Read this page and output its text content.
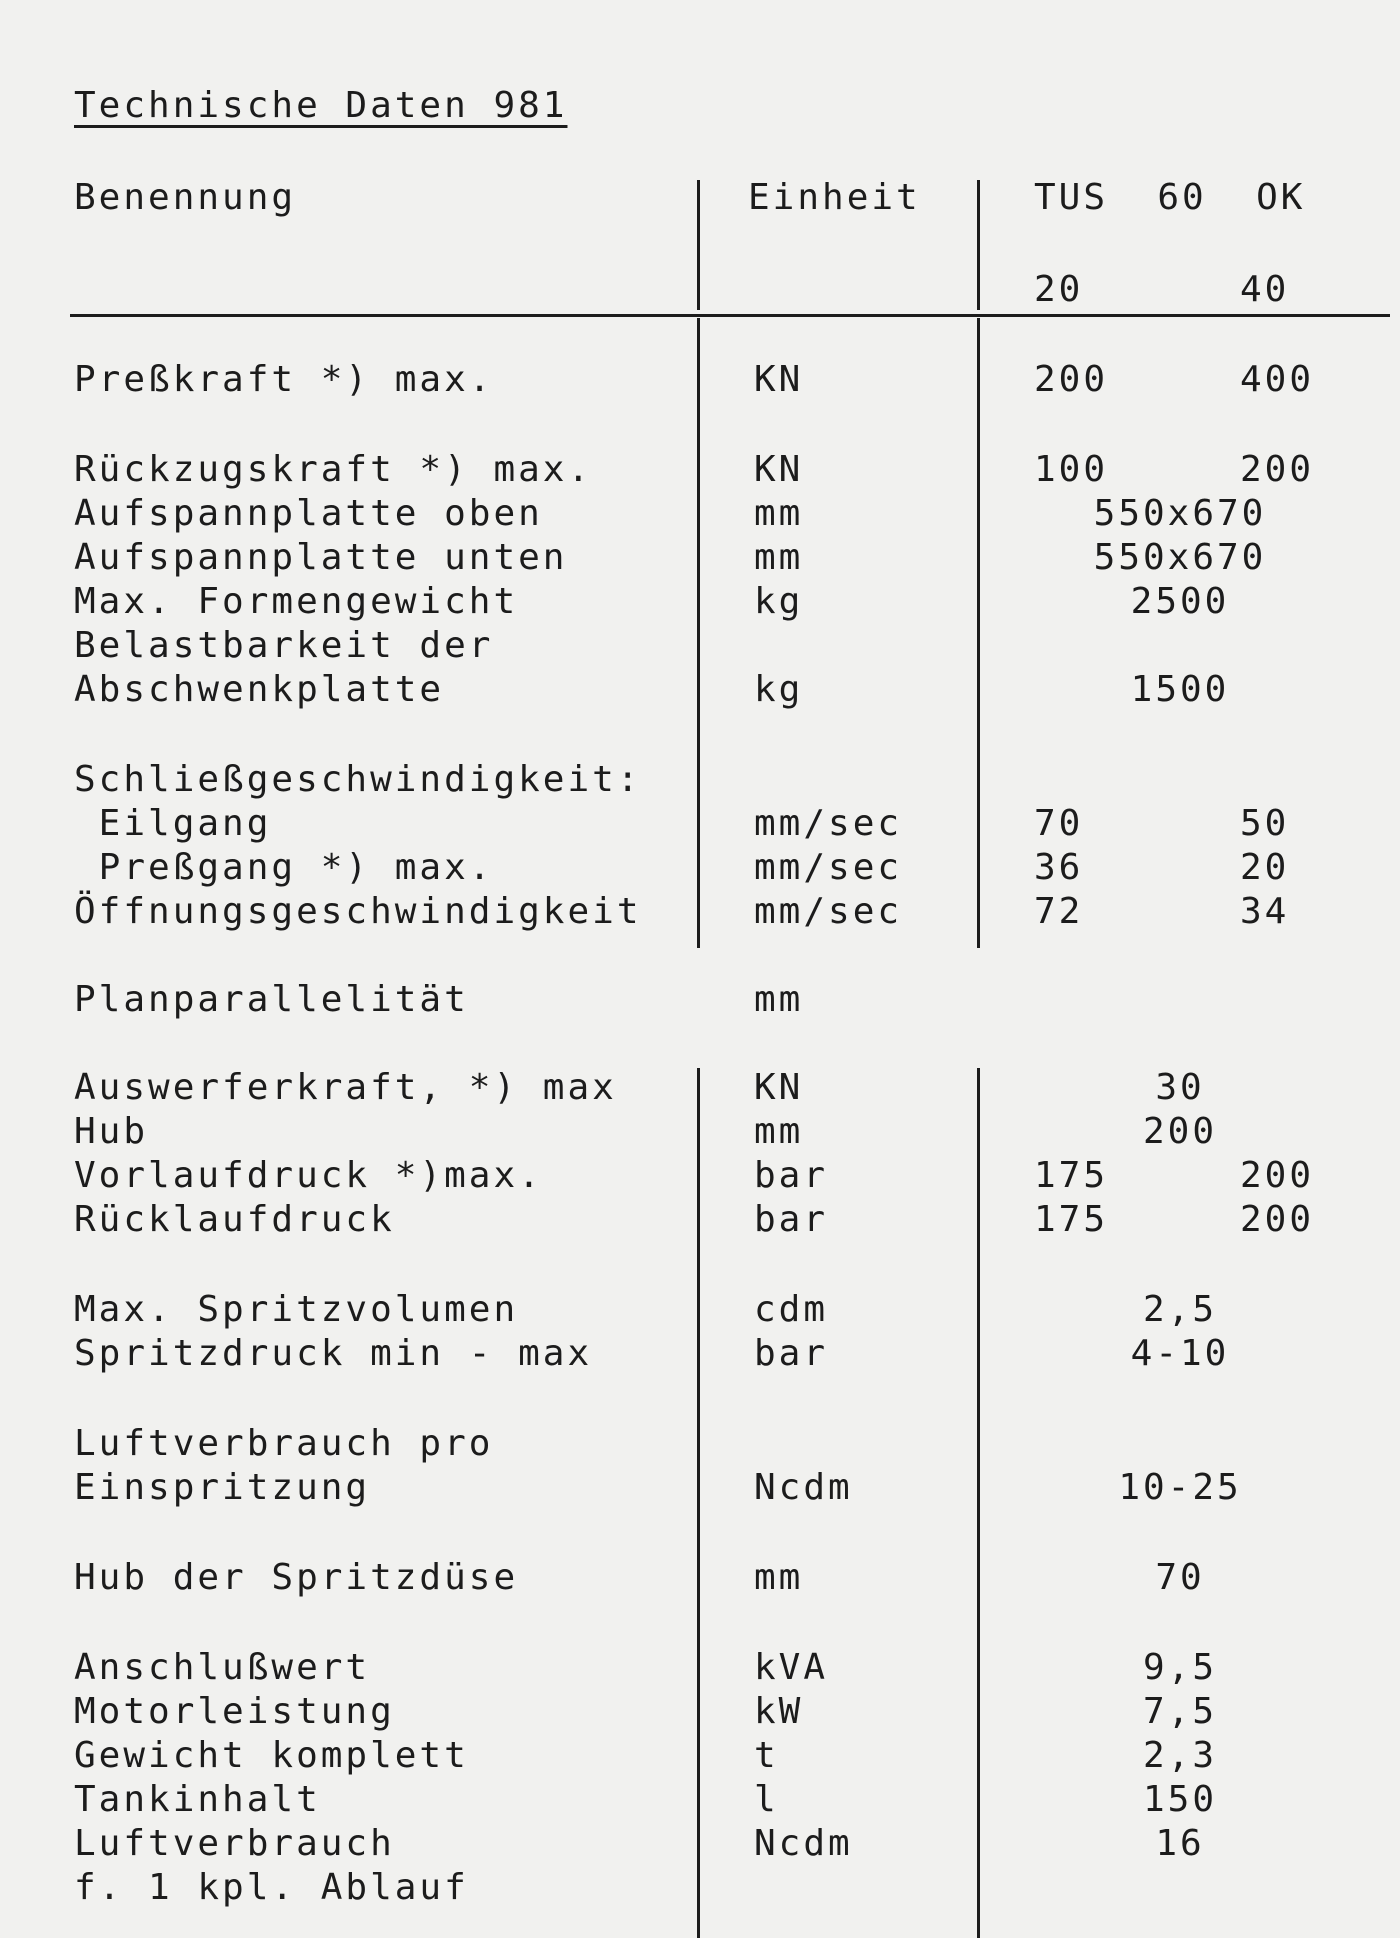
Technische Daten 981
Benennung	Einheit	TUS  60  OK
20	40
Preßkraft *) max.	KN	200	400
Rückzugskraft *) max.	KN	100	200
Aufspannplatte oben	mm	550x670
Aufspannplatte unten	mm	550x670
Max. Formengewicht	kg	2500
Belastbarkeit der
Abschwenkplatte	kg	1500
Schließgeschwindigkeit:
Eilgang	mm/sec	70	50
Preßgang *) max.	mm/sec	36	20
Öffnungsgeschwindigkeit	mm/sec	72	34
Planparallelität	mm
Auswerferkraft, *) max	KN	30
Hub	mm	200
Vorlaufdruck *)max.	bar	175	200
Rücklaufdruck	bar	175	200
Max. Spritzvolumen	cdm	2,5
Spritzdruck min - max	bar	4-10
Luftverbrauch pro
Einspritzung	Ncdm	10-25
Hub der Spritzdüse	mm	70
Anschlußwert	kVA	9,5
Motorleistung	kW	7,5
Gewicht komplett	t	2,3
Tankinhalt	l	150
Luftverbrauch	Ncdm	16
f. 1 kpl. Ablauf
